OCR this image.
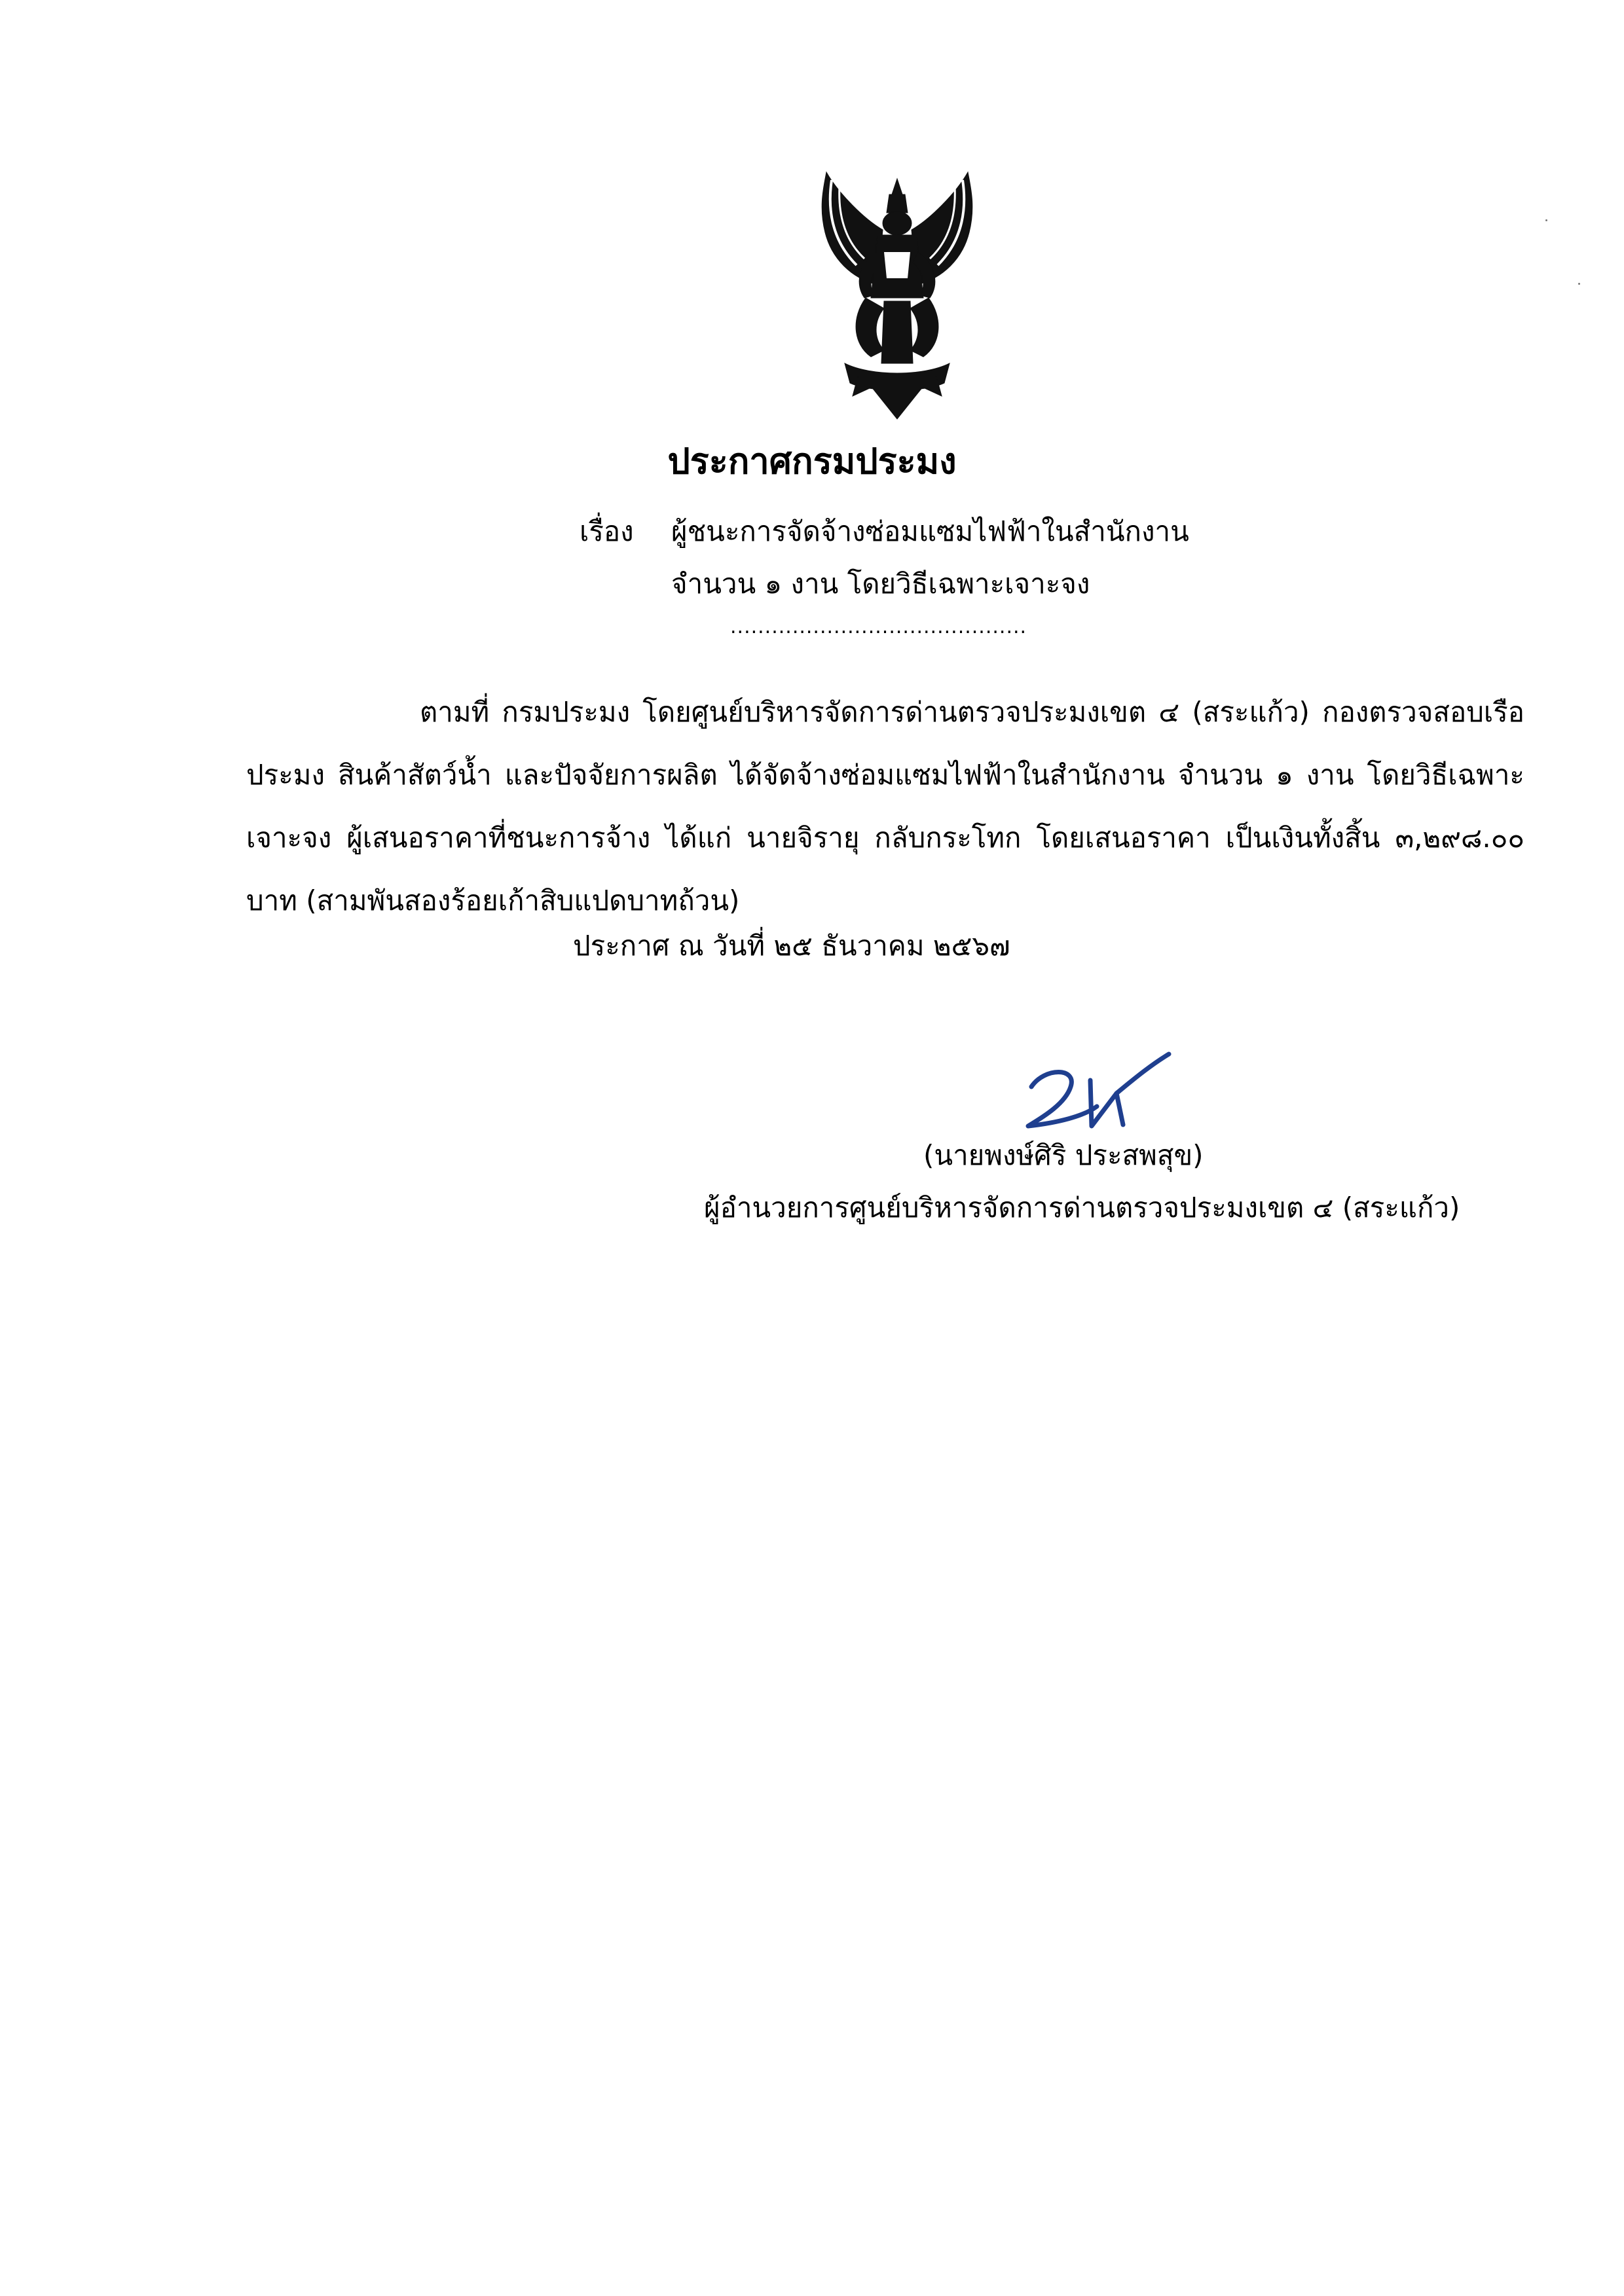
ประกาศกรมประมง
เรื่อง ผู้ชนะการจัดจ้างซ่อมแซมไฟฟ้าในสำนักงาน
จำนวน ๑ งาน โดยวิธีเฉพาะเจาะจง
...........................................
ตามที่ กรมประมง โดยศูนย์บริหารจัดการด่านตรวจประมงเขต ๔ (สระแก้ว) กองตรวจสอบเรือประมง สินค้าสัตว์น้ำ และปัจจัยการผลิต ได้จัดจ้างซ่อมแซมไฟฟ้าในสำนักงาน จำนวน ๑ งาน โดยวิธีเฉพาะเจาะจง ผู้เสนอราคาที่ชนะการจ้าง ได้แก่ นายจิรายุ กลับกระโทก โดยเสนอราคา เป็นเงินทั้งสิ้น ๓,๒๙๘.๐๐ บาท (สามพันสองร้อยเก้าสิบแปดบาทถ้วน)
ประกาศ ณ วันที่ ๒๕ ธันวาคม ๒๕๖๗
(นายพงษ์ศิริ ประสพสุข)
ผู้อำนวยการศูนย์บริหารจัดการด่านตรวจประมงเขต ๔ (สระแก้ว)
